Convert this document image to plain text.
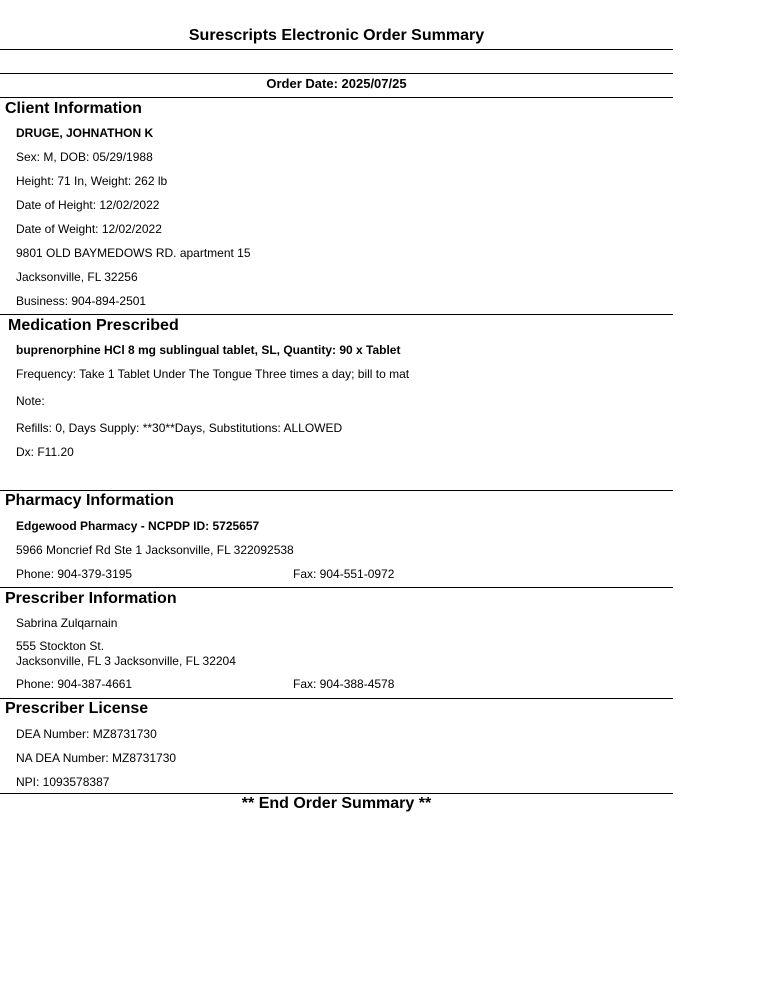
Surescripts Electronic Order Summary
Order Date: 2025/07/25
Client Information
DRUGE, JOHNATHON K
Sex: M, DOB: 05/29/1988
Height: 71 In, Weight: 262 lb
Date of Height: 12/02/2022
Date of Weight: 12/02/2022
9801 OLD BAYMEDOWS RD. apartment 15
Jacksonville, FL 32256
Business: 904-894-2501
Medication Prescribed
buprenorphine HCl 8 mg sublingual tablet, SL, Quantity: 90 x Tablet
Frequency: Take 1 Tablet Under The Tongue Three times a day; bill to mat
Note:
Refills: 0, Days Supply: **30**Days, Substitutions: ALLOWED
Dx: F11.20
Pharmacy Information
Edgewood Pharmacy - NCPDP ID: 5725657
5966 Moncrief Rd Ste 1 Jacksonville, FL 322092538
Phone: 904-379-3195	Fax: 904-551-0972
Prescriber Information
Sabrina Zulqarnain
555 Stockton St.
Jacksonville, FL 3 Jacksonville, FL 32204
Phone: 904-387-4661	Fax: 904-388-4578
Prescriber License
DEA Number: MZ8731730
NA DEA Number: MZ8731730
NPI: 1093578387
** End Order Summary **
